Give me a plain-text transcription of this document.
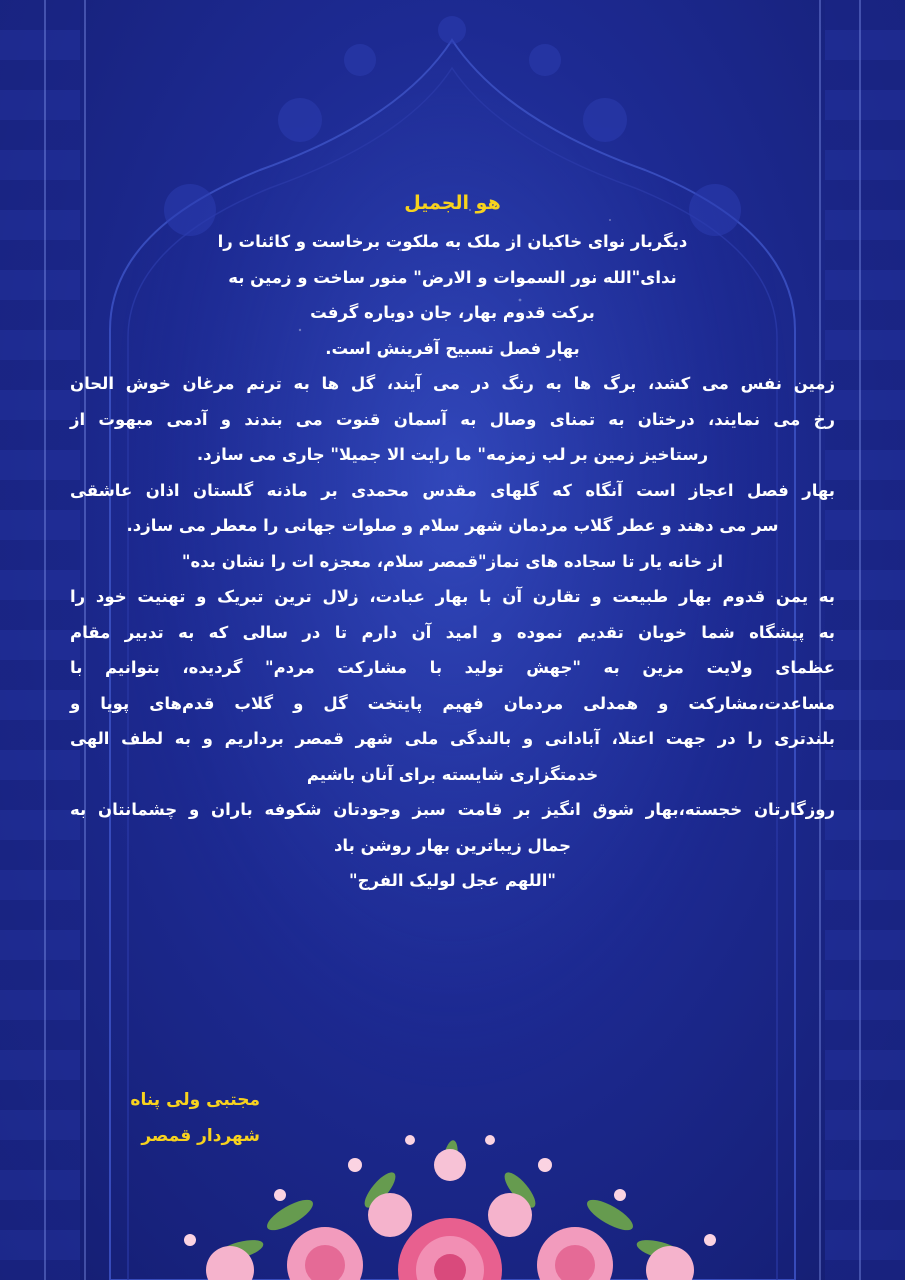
هو الجمیل

دیگربار نوای خاکیان از ملک به ملکوت برخاست و کائنات را

ندای"الله نور السموات و الارض" منور ساخت و زمین به

برکت قدوم بهار، جان دوباره گرفت

بهار فصل تسبیح آفرینش است.

زمین نفس می کشد، برگ ها به رنگ در می آیند، گل ها به ترنم مرغان خوش الحان

رخ می نمایند، درختان به تمنای وصال به آسمان قنوت می بندند و آدمی مبهوت از

رستاخیز زمین بر لب زمزمه" ما رایت الا جمیلا" جاری می سازد.

بهار فصل اعجاز است آنگاه که گلهای مقدس محمدی بر ماذنه گلستان اذان عاشقی

سر می دهند و عطر گلاب مردمان شهر سلام و صلوات جهانی را معطر می سازد.

از خانه یار تا سجاده های نماز"قمصر سلام، معجزه ات را نشان بده"

به یمن قدوم بهار طبیعت و تقارن آن با بهار عبادت، زلال ترین تبریک و تهنیت خود را

به پیشگاه شما خوبان تقدیم نموده و امید آن دارم تا در سالی که به تدبیر مقام

عظمای ولایت مزین به "جهش تولید با مشارکت مردم" گردیده، بتوانیم با

مساعدت،مشارکت و همدلی مردمان فهیم پایتخت گل و گلاب قدم‌های پویا و

بلندتری را در جهت اعتلا، آبادانی و بالندگی ملی شهر قمصر برداریم و به لطف الهی

خدمتگزاری شایسته برای آنان باشیم

روزگارتان خجسته،بهار شوق انگیز بر قامت سبز وجودتان شکوفه باران و چشمانتان به

جمال زیباترین بهار روشن باد

"اللهم عجل لولیک الفرج"

مجتبی ولی پناه
شهردار قمصر
